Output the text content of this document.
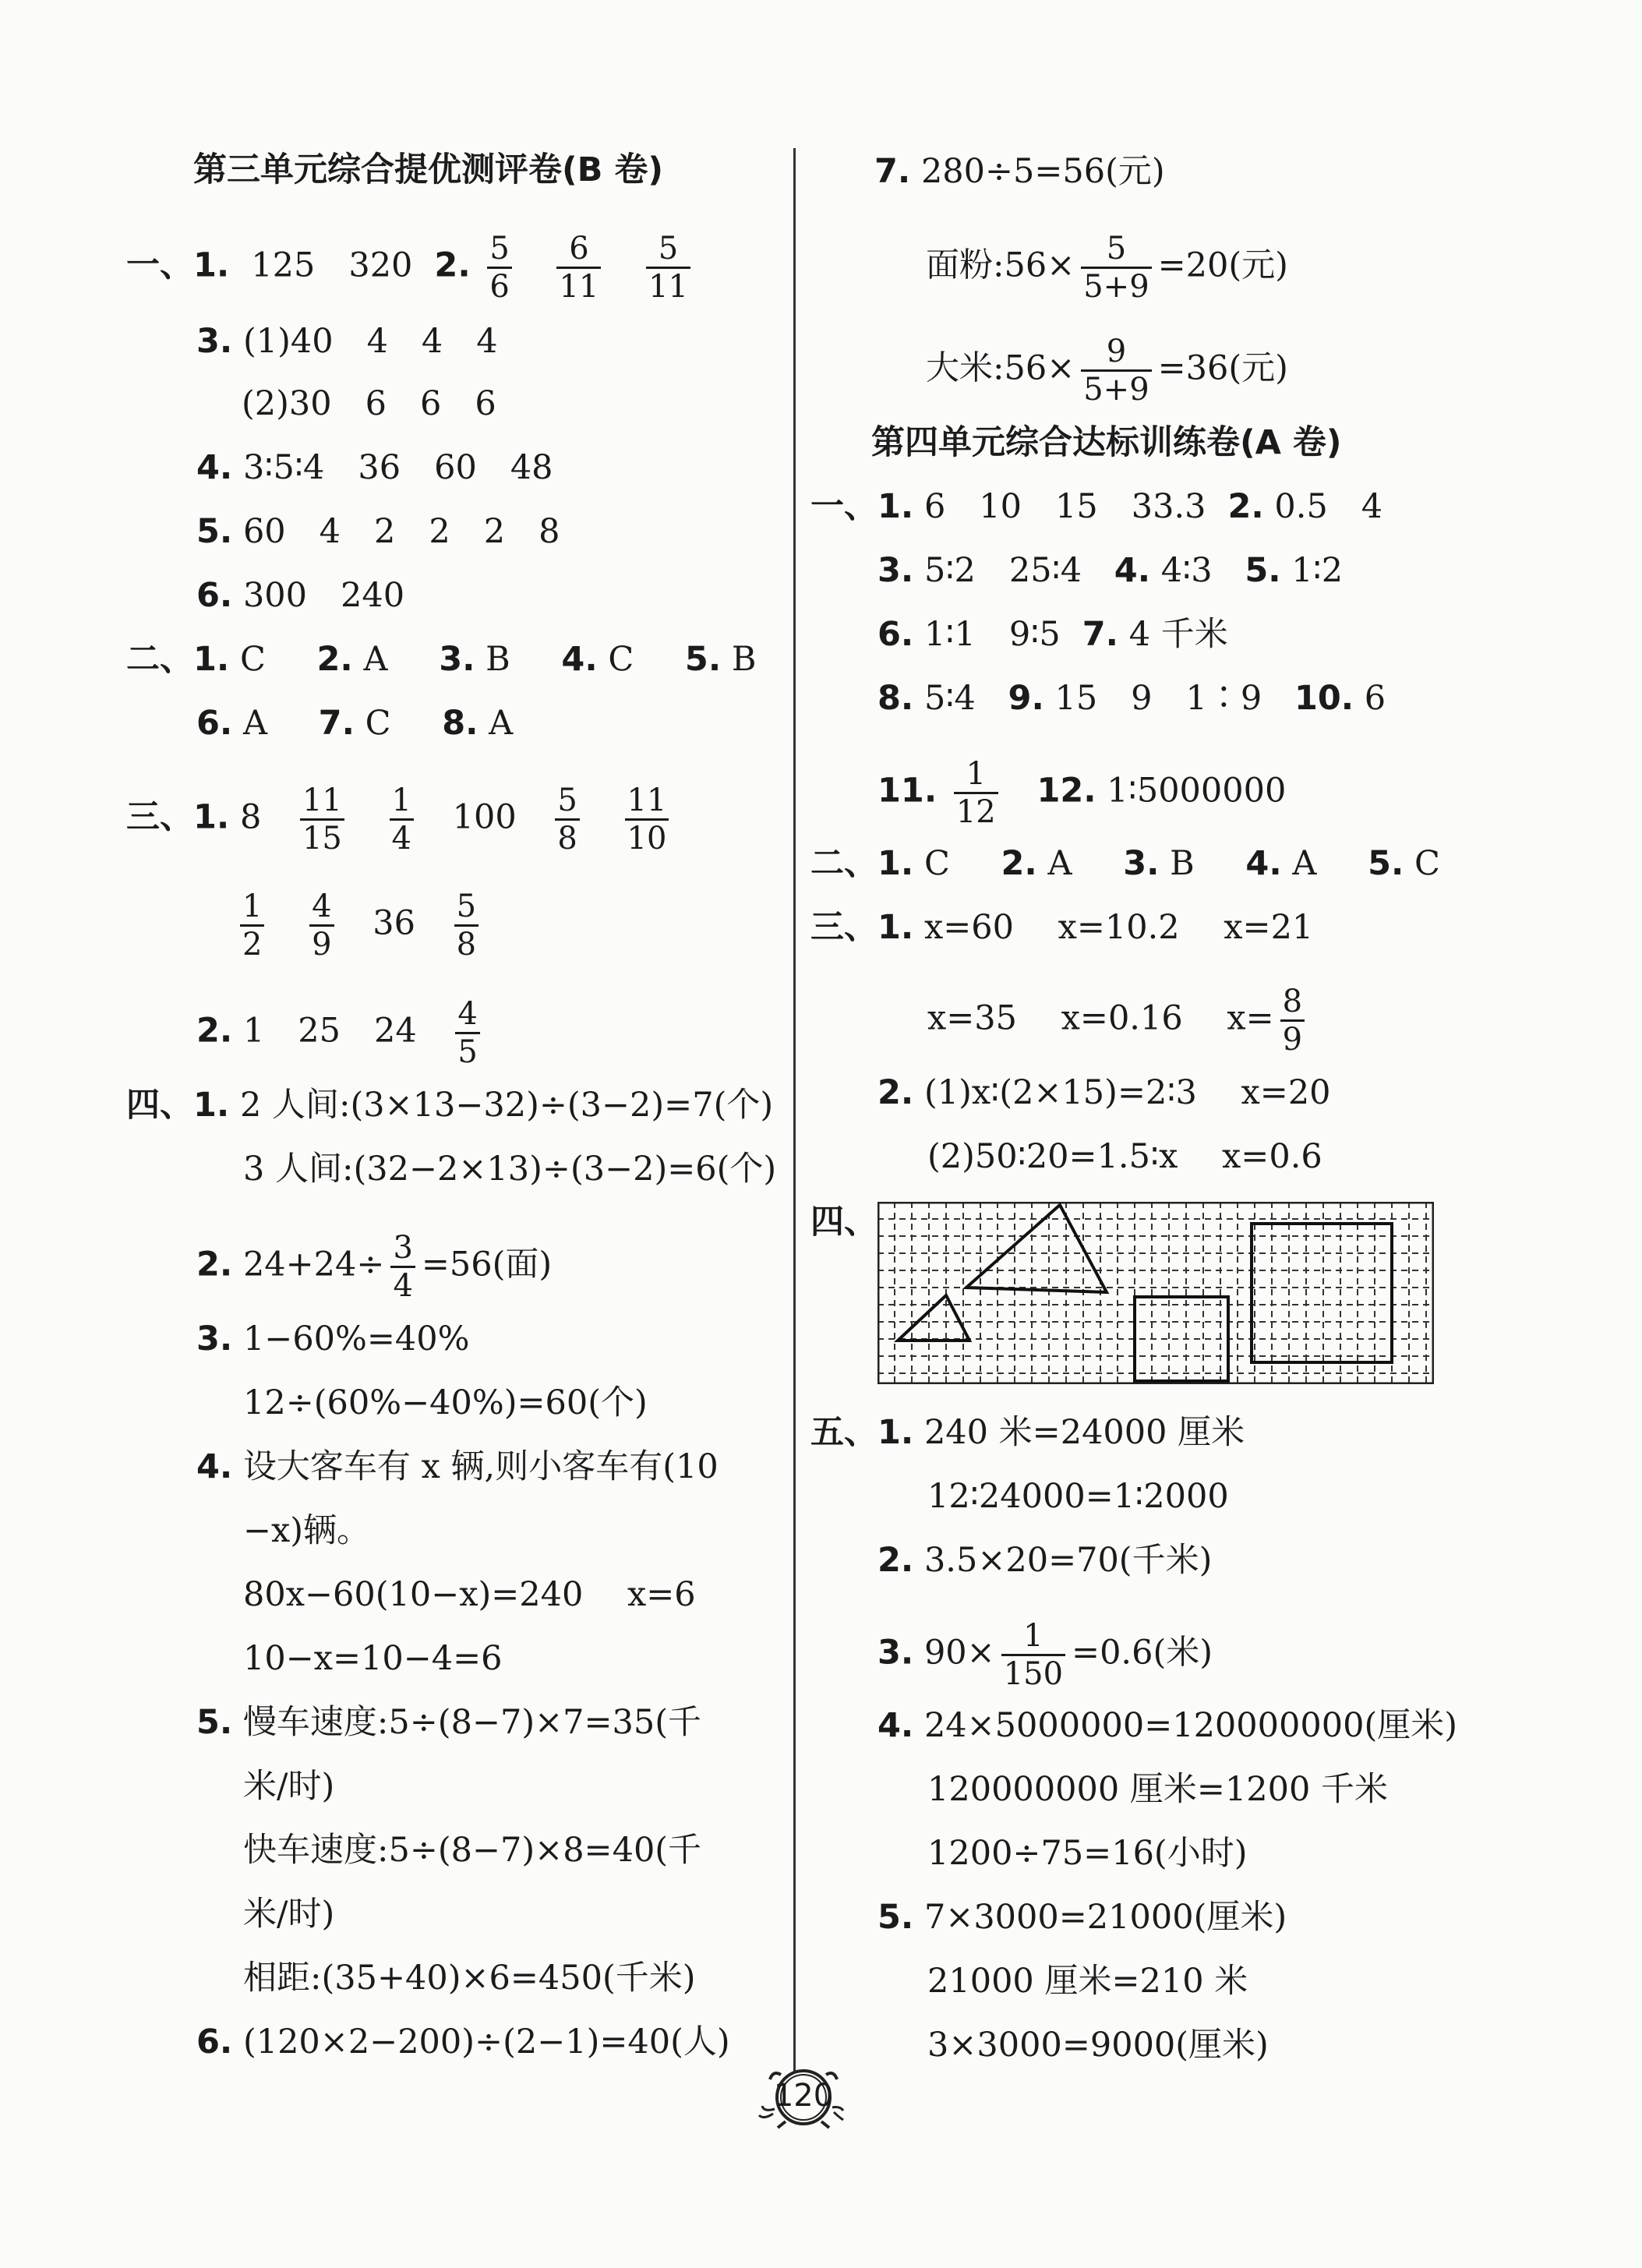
第三单元综合提优测评卷(B 卷)
一、1. 125　320 2. $\frac{5}{6}$
$\frac{6}{11}$
$\frac{5}{11}$
3. (1)40　4　4　4
(2)30　6　6　6
4. 3∶5∶4　36　60　48
5. 60　4　2　2　2　8
6. 300　240
二、1. C 2. A 3. B 4. C 5. B
6. A 7. C 8. A
三、1. $8 \frac{11}{15}$
$\frac{1}{4} 100 \frac{5}{8}$
$\frac{11}{10}$
$\frac{1}{2}$
$\frac{4}{9} 36 \frac{5}{8}$
2. 1　25　$24 \frac{4}{5}$
四、1. 2 人间:(3×13−32)÷(3−2)=7(个)
3 人间:(32−2×13)÷(3−2)=6(个)
2. $24+24\div \frac{3}{4} =56$(面)
3. 1−60%=40%
12÷(60%−40%)=60(个)
4. 设大客车有 x 辆,则小客车有(10
−x)辆。
80x−60(10−x)=240　 x=6
10−x=10−4=6
5. 慢车速度:5÷(8−7)×7=35(千
米/时)
快车速度:5÷(8−7)×8=40(千
米/时)
相距:(35+40)×6=450(千米)
6. (120×2−200)÷(2−1)=40(人)
7. 280÷5=56(元)
面粉:56× $\frac{5}{5+9} =20$(元)
大米:56× $\frac{9}{5+9} =36$(元)
第四单元综合达标训练卷(A 卷)
一、1. 6　10　15　33.3 2. 0.5　4
3. 5∶2　25∶4 4. 4∶3 5. 1∶2
6. 1∶1　9∶5 7. 4 千米
8. 5∶4 9. 15　9　1∶9 10. 6
11. $\frac{1}{12} 12$. 1∶5000000
二、1. C 2. A 3. B 4. A 5. C
三、1. x=60　 x=10.2　 x=21
x=35　 x=0.16　 $x= \frac{8}{9}$
2. (1)x∶(2×15)=2∶3　 x=20
(2)50∶20=1.5∶x　 x=0.6
四、
五、1. 240 米=24000 厘米
12∶24000=1∶2000
2. 3.5×20=70(千米)
3. $90\times \frac{1}{150} =0.6$(米)
4. 24×5000000=120000000(厘米)
120000000 厘米=1200 千米
1200÷75=16(小时)
5. 7×3000=21000(厘米)
21000 厘米=210 米
3×3000=9000(厘米)
120
